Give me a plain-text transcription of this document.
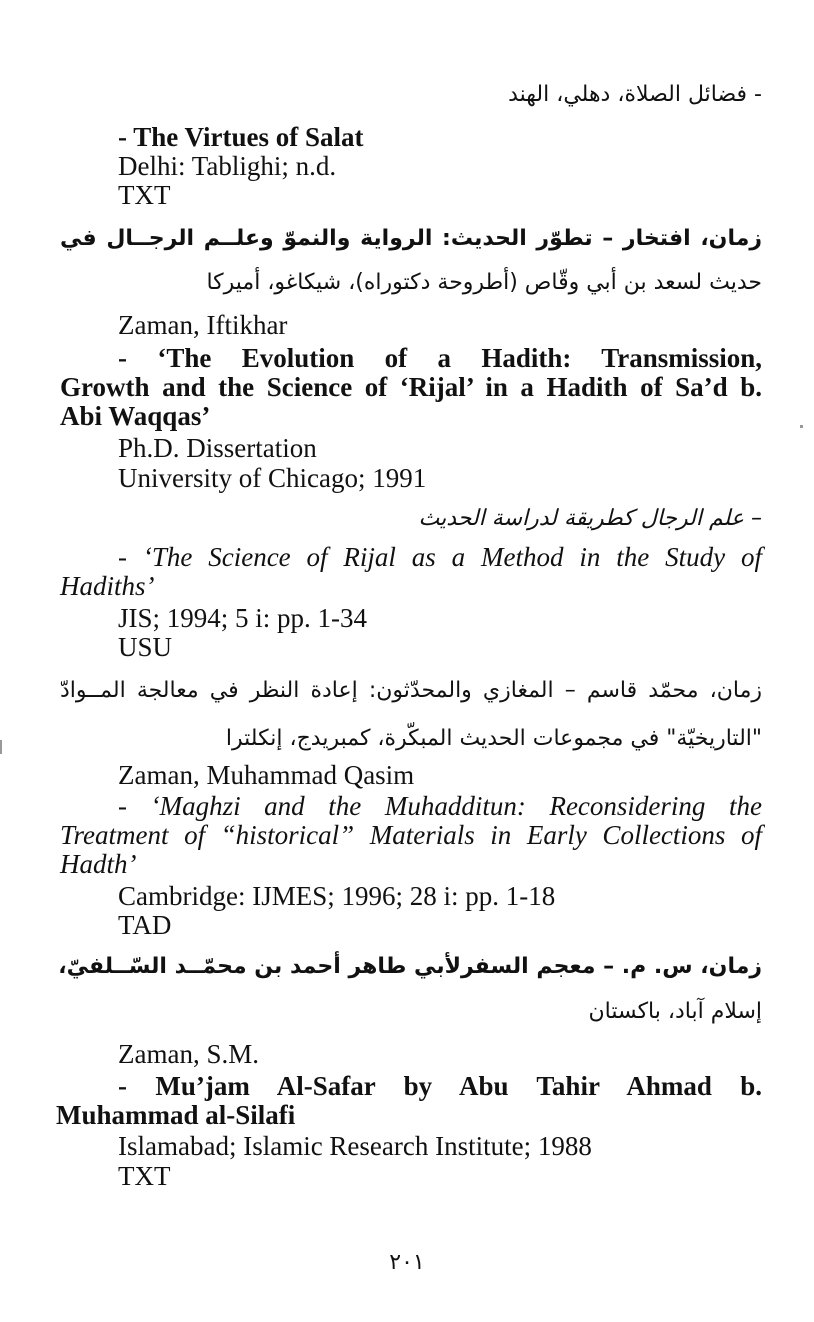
- فضائل الصلاة، دهلي، الهند
- The Virtues of Salat
Delhi: Tablighi; n.d.
TXT
زمان، افتخار – تطوّر الحديث: الرواية والنموّ وعلــم الرجــال في
حديث لسعد بن أبي وقّاص (أطروحة دكتوراه)، شيكاغو، أميركا
Zaman, Iftikhar
- ‘The Evolution of a Hadith: Transmission,
Growth and the Science of ‘Rijal’ in a Hadith of Sa’d b.
Abi Waqqas’
Ph.D. Dissertation
University of Chicago; 1991
– علم الرجال كطريقة لدراسة الحديث
- ‘The Science of Rijal as a Method in the Study of
Hadiths’
JIS; 1994; 5 i: pp. 1-34
USU
زمان، محمّد قاسم – المغازي والمحدّثون: إعادة النظر في معالجة المــوادّ
"التاريخيّة" في مجموعات الحديث المبكّرة، كمبريدج، إنكلترا
Zaman, Muhammad Qasim
- ‘Maghzi and the Muhadditun: Reconsidering the
Treatment of “historical” Materials in Early Collections of
Hadth’
Cambridge: IJMES; 1996; 28 i: pp. 1-18
TAD
زمان، س. م. – معجم السفرلأبي طاهر أحمد بن محمّــد السّــلفيّ،
إسلام آباد، باكستان
Zaman, S.M.
- Mu’jam Al-Safar by Abu Tahir Ahmad b.
Muhammad al-Silafi
Islamabad; Islamic Research Institute; 1988
TXT
٢٠١
